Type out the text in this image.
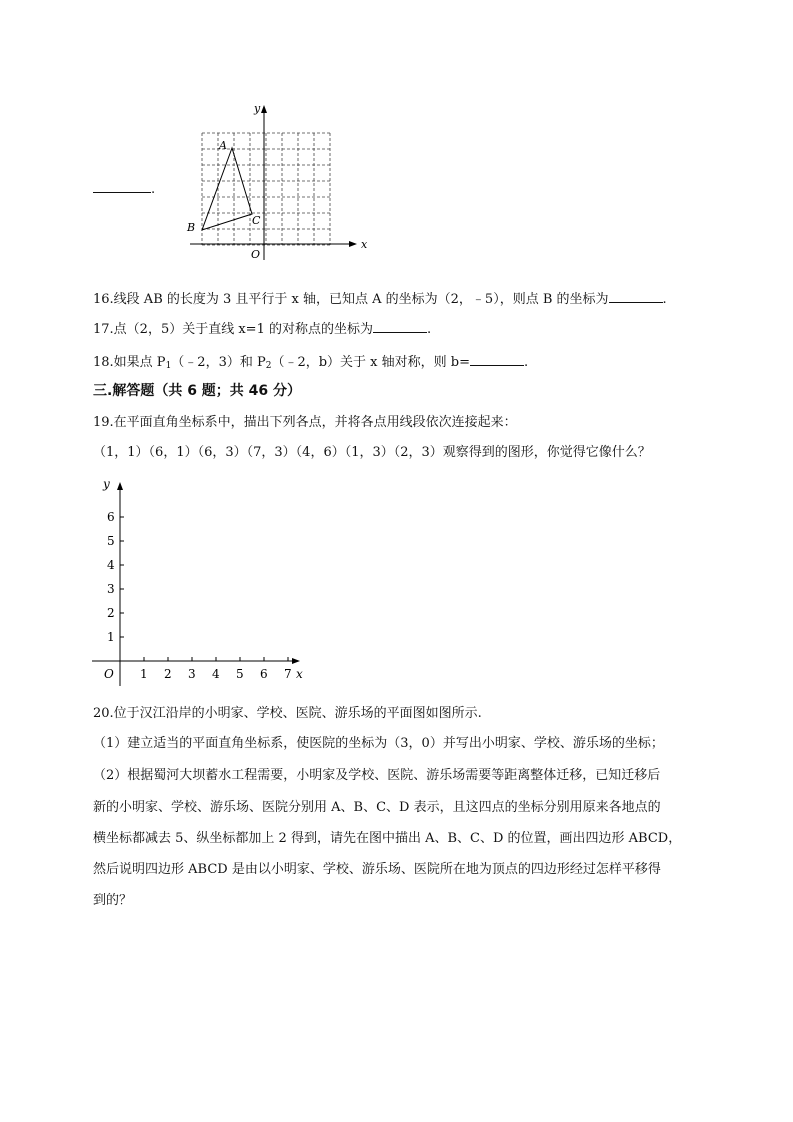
.
y
x
O
A
B
C
16.线段 AB 的长度为 3 且平行于 x 轴，已知点 A 的坐标为（2，﹣5），则点 B 的坐标为	.
17.点（2，5）关于直线 x=1 的对称点的坐标为	.
18.如果点 $P_1(﹣2$，3）和 $P_2(﹣2$，b）关于 x 轴对称，则 b=	.
三.解答题（共 6 题；共 46 分）
19.在平面直角坐标系中，描出下列各点，并将各点用线段依次连接起来：
（1，1）（6，1）（6，3）（7，3）（4，6）（1，3）（2，3）观察得到的图形，你觉得它像什么？
1 2 3 4 5 6 7
1
2
3
4
5
6
y
x
O
20.位于汉江沿岸的小明家、学校、医院、游乐场的平面图如图所示.
（1）建立适当的平面直角坐标系，使医院的坐标为（3，0）并写出小明家、学校、游乐场的坐标；
（2）根据蜀河大坝蓄水工程需要，小明家及学校、医院、游乐场需要等距离整体迁移，已知迁移后
新的小明家、学校、游乐场、医院分别用 A、B、C、D 表示，且这四点的坐标分别用原来各地点的
横坐标都减去 5、纵坐标都加上 2 得到，请先在图中描出 A、B、C、D 的位置，画出四边形 ABCD，
然后说明四边形 ABCD 是由以小明家、学校、游乐场、医院所在地为顶点的四边形经过怎样平移得
到的？
